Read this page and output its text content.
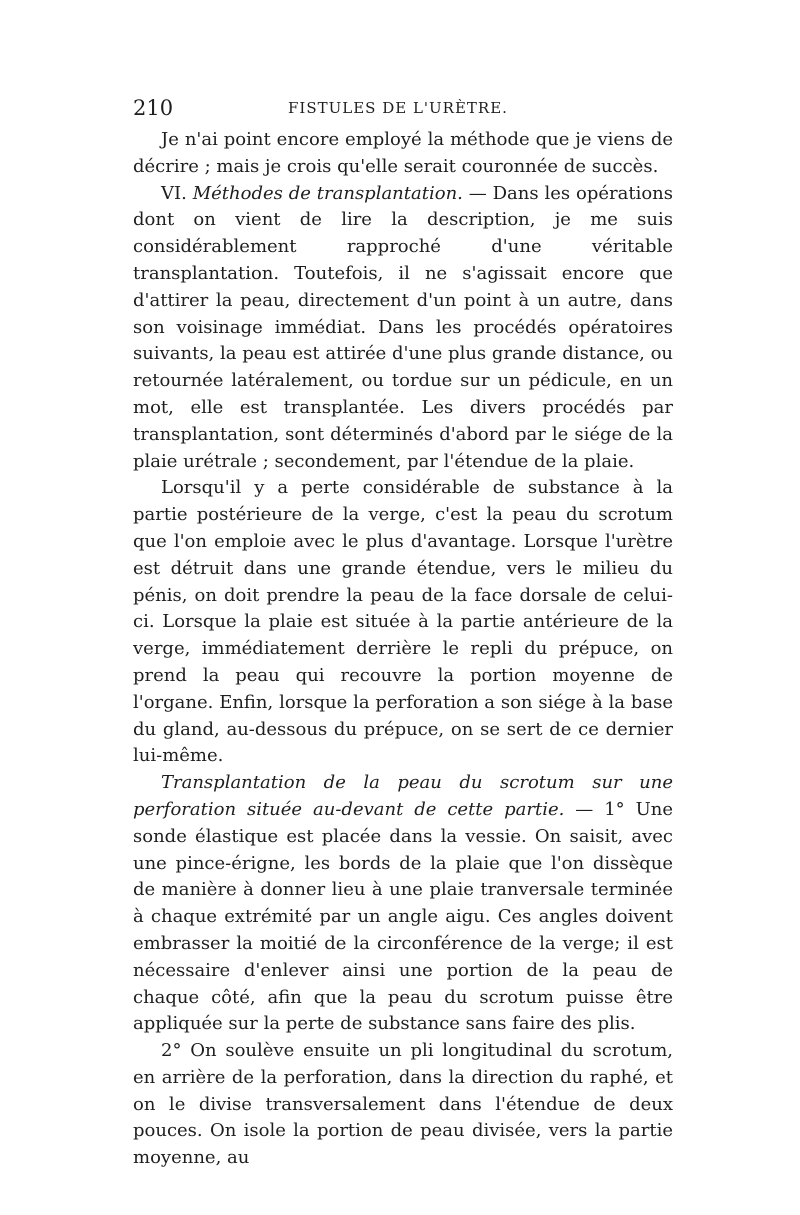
210	FISTULES DE L'URÈTRE.

Je n'ai point encore employé la méthode que je viens de décrire ; mais je crois qu'elle serait couronnée de succès.

VI. Méthodes de transplantation. — Dans les opérations dont on vient de lire la description, je me suis considérablement rapproché d'une véritable transplantation. Toutefois, il ne s'agissait encore que d'attirer la peau, directement d'un point à un autre, dans son voisinage immédiat. Dans les procédés opératoires suivants, la peau est attirée d'une plus grande distance, ou retournée latéralement, ou tordue sur un pédicule, en un mot, elle est transplantée. Les divers procédés par transplantation, sont déterminés d'abord par le siége de la plaie urétrale ; secondement, par l'étendue de la plaie.

Lorsqu'il y a perte considérable de substance à la partie postérieure de la verge, c'est la peau du scrotum que l'on emploie avec le plus d'avantage. Lorsque l'urètre est détruit dans une grande étendue, vers le milieu du pénis, on doit prendre la peau de la face dorsale de celui-ci. Lorsque la plaie est située à la partie antérieure de la verge, immédiatement derrière le repli du prépuce, on prend la peau qui recouvre la portion moyenne de l'organe. Enfin, lorsque la perforation a son siége à la base du gland, au-dessous du prépuce, on se sert de ce dernier lui-même.

Transplantation de la peau du scrotum sur une perforation située au-devant de cette partie. — 1° Une sonde élastique est placée dans la vessie. On saisit, avec une pince-érigne, les bords de la plaie que l'on dissèque de manière à donner lieu à une plaie tranversale terminée à chaque extrémité par un angle aigu. Ces angles doivent embrasser la moitié de la circonférence de la verge; il est nécessaire d'enlever ainsi une portion de la peau de chaque côté, afin que la peau du scrotum puisse être appliquée sur la perte de substance sans faire des plis.

2° On soulève ensuite un pli longitudinal du scrotum, en arrière de la perforation, dans la direction du raphé, et on le divise transversalement dans l'étendue de deux pouces. On isole la portion de peau divisée, vers la partie moyenne, au
